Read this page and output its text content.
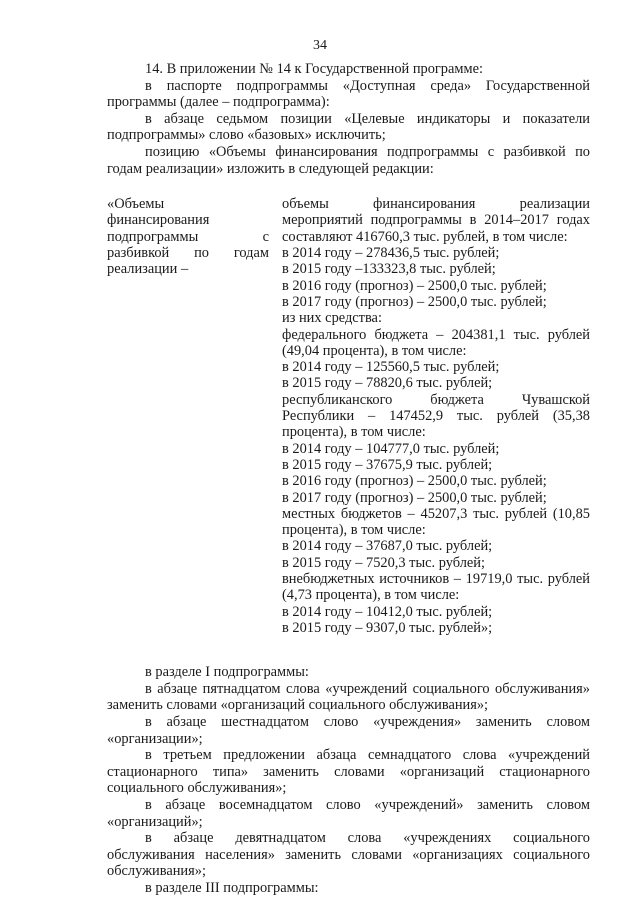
34

14. В приложении № 14 к Государственной программе:

в паспорте подпрограммы «Доступная среда» Государственной программы (далее – подпрограмма):

в абзаце седьмом позиции «Целевые индикаторы и показатели подпрограммы» слово «базовых» исключить;

позицию «Объемы финансирования подпрограммы с разбивкой по годам реализации» изложить в следующей редакции:

«Объемы финансирования подпрограммы с разбивкой по годам реализации –

объемы финансирования реализации мероприятий подпрограммы в 2014–2017 годах составляют 416760,3 тыс. рублей, в том числе:

в 2014 году – 278436,5 тыс. рублей;

в 2015 году –133323,8 тыс. рублей;

в 2016 году (прогноз) – 2500,0 тыс. рублей;

в 2017 году (прогноз) – 2500,0 тыс. рублей;

из них средства:

федерального бюджета – 204381,1 тыс. рублей (49,04 процента), в том числе:

в 2014 году – 125560,5 тыс. рублей;

в 2015 году – 78820,6 тыс. рублей;

республиканского бюджета Чувашской Республики – 147452,9 тыс. рублей (35,38 процента), в том числе:

в 2014 году – 104777,0 тыс. рублей;

в 2015 году – 37675,9 тыс. рублей;

в 2016 году (прогноз) – 2500,0 тыс. рублей;

в 2017 году (прогноз) – 2500,0 тыс. рублей;

местных бюджетов – 45207,3 тыс. рублей (10,85 процента), в том числе:

в 2014 году – 37687,0 тыс. рублей;

в 2015 году – 7520,3 тыс. рублей;

внебюджетных источников – 19719,0 тыс. рублей (4,73 процента), в том числе:

в 2014 году – 10412,0 тыс. рублей;

в 2015 году – 9307,0 тыс. рублей»;

в разделе I подпрограммы:

в абзаце пятнадцатом слова «учреждений социального обслуживания» заменить словами «организаций социального обслуживания»;

в абзаце шестнадцатом слово «учреждения» заменить словом «организации»;

в третьем предложении абзаца семнадцатого слова «учреждений стационарного типа» заменить словами «организаций стационарного социального обслуживания»;

в абзаце восемнадцатом слово «учреждений» заменить словом «организаций»;

в абзаце девятнадцатом слова «учреждениях социального обслуживания населения» заменить словами «организациях социального обслуживания»;

в разделе III подпрограммы:
